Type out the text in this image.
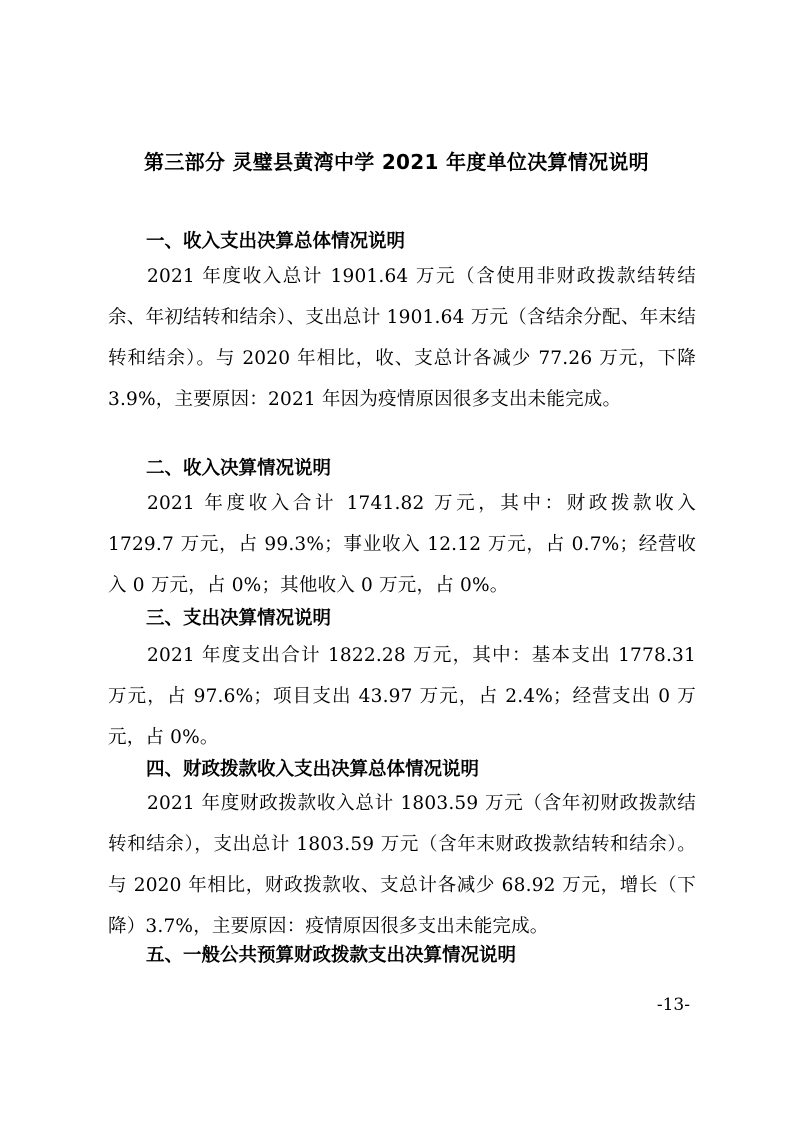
第三部分 灵璧县黄湾中学 2021 年度单位决算情况说明
一、收入支出决算总体情况说明
2021 年度收入总计 1901.64 万元（含使用非财政拨款结转结余、年初结转和结余）、支出总计 1901.64 万元（含结余分配、年末结转和结余）。与 2020 年相比，收、支总计各减少 77.26 万元，下降 3.9%，主要原因：2021 年因为疫情原因很多支出未能完成。
二、收入决算情况说明
2021 年度收入合计 1741.82 万元，其中：财政拨款收入 1729.7 万元，占 99.3%；事业收入 12.12 万元，占 0.7%；经营收入 0 万元，占 0%；其他收入 0 万元，占 0%。
三、支出决算情况说明
2021 年度支出合计 1822.28 万元，其中：基本支出 1778.31 万元，占 97.6%；项目支出 43.97 万元，占 2.4%；经营支出 0 万元，占 0%。
四、财政拨款收入支出决算总体情况说明
2021 年度财政拨款收入总计 1803.59 万元（含年初财政拨款结转和结余），支出总计 1803.59 万元（含年末财政拨款结转和结余）。与 2020 年相比，财政拨款收、支总计各减少 68.92 万元，增长（下降）3.7%，主要原因：疫情原因很多支出未能完成。
五、一般公共预算财政拨款支出决算情况说明
-13-
